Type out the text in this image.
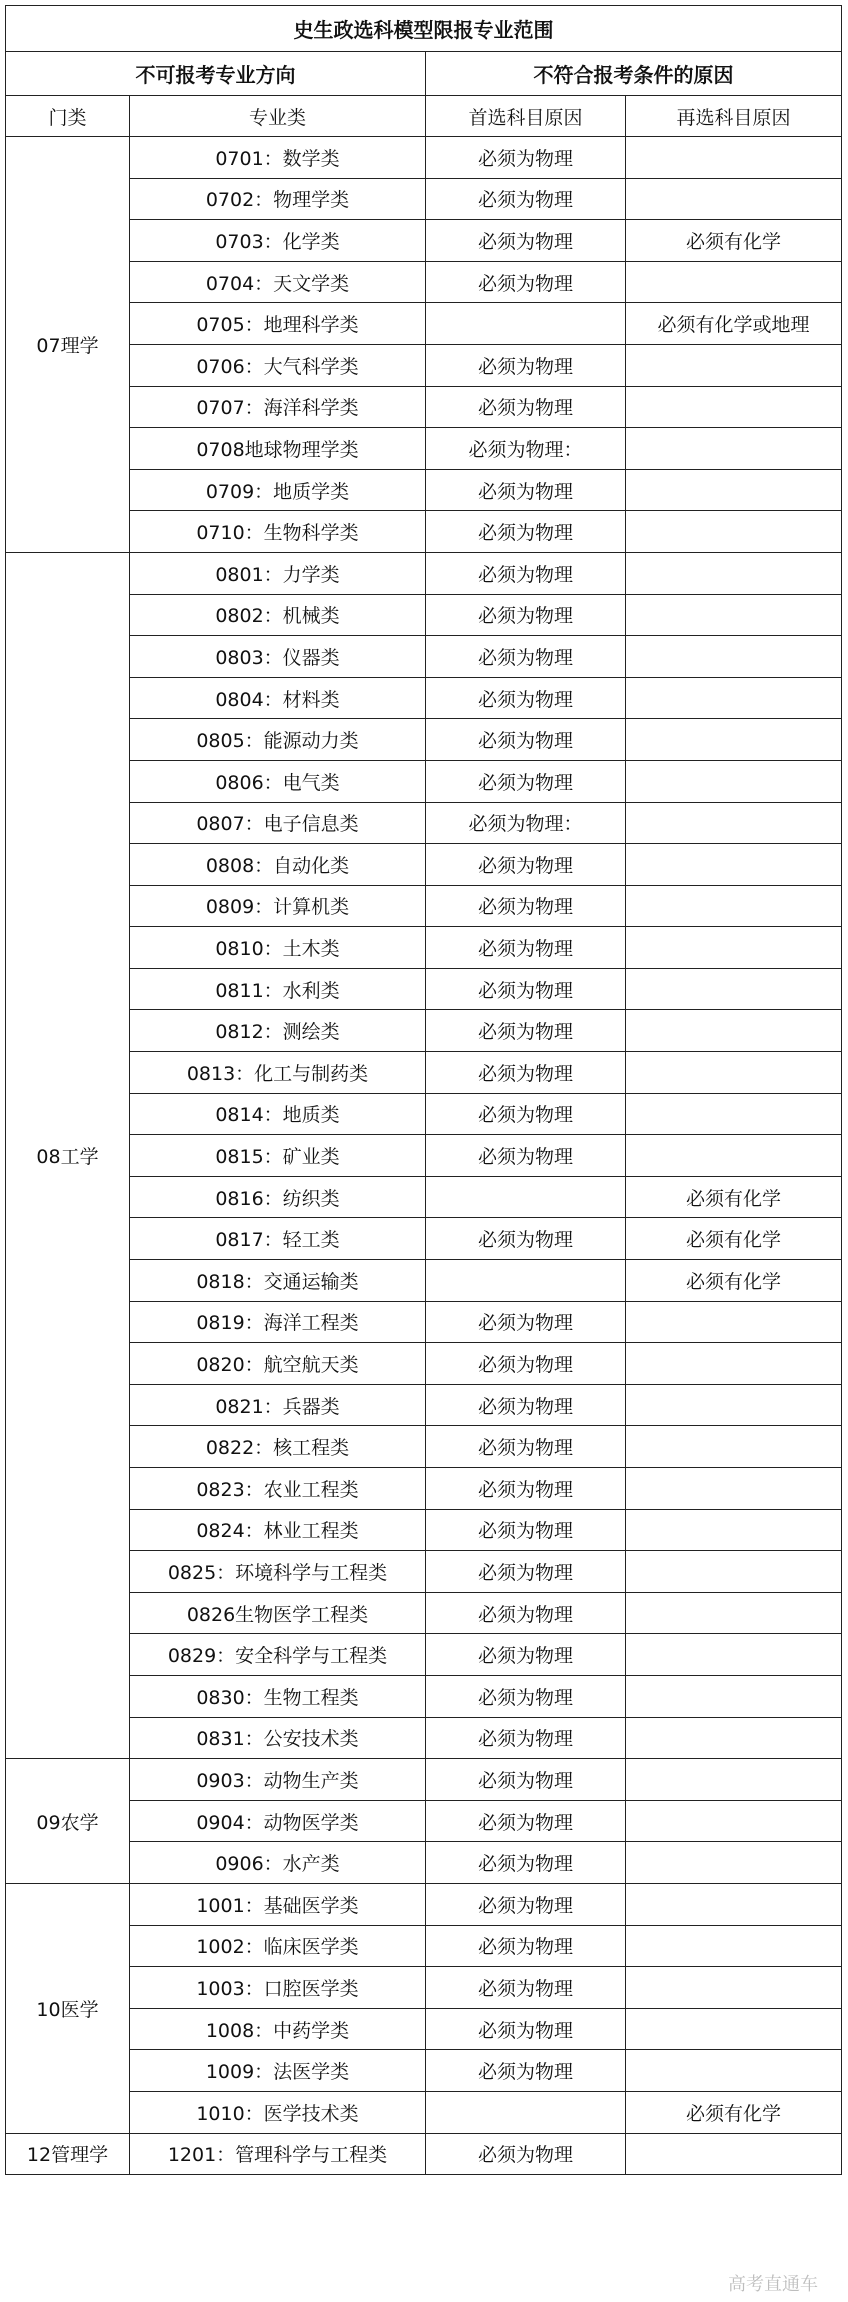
史生政选科模型限报专业范围			
不可报考专业方向		不符合报考条件的原因	
门类	专业类	首选科目原因	再选科目原因
07理学	0701：数学类	必须为物理	
	0702：物理学类	必须为物理	
	0703：化学类	必须为物理	必须有化学
	0704：天文学类	必须为物理	
	0705：地理科学类		必须有化学或地理
	0706：大气科学类	必须为物理	
	0707：海洋科学类	必须为物理	
	0708地球物理学类	必须为物理：	
	0709：地质学类	必须为物理	
	0710：生物科学类	必须为物理	
08工学	0801：力学类	必须为物理	
	0802：机械类	必须为物理	
	0803：仪器类	必须为物理	
	0804：材料类	必须为物理	
	0805：能源动力类	必须为物理	
	0806：电气类	必须为物理	
	0807：电子信息类	必须为物理：	
	0808：自动化类	必须为物理	
	0809：计算机类	必须为物理	
	0810：土木类	必须为物理	
	0811：水利类	必须为物理	
	0812：测绘类	必须为物理	
	0813：化工与制药类	必须为物理	
	0814：地质类	必须为物理	
	0815：矿业类	必须为物理	
	0816：纺织类		必须有化学
	0817：轻工类	必须为物理	必须有化学
	0818：交通运输类		必须有化学
	0819：海洋工程类	必须为物理	
	0820：航空航天类	必须为物理	
	0821：兵器类	必须为物理	
	0822：核工程类	必须为物理	
	0823：农业工程类	必须为物理	
	0824：林业工程类	必须为物理	
	0825：环境科学与工程类	必须为物理	
	0826生物医学工程类	必须为物理	
	0829：安全科学与工程类	必须为物理	
	0830：生物工程类	必须为物理	
	0831：公安技术类	必须为物理	
09农学	0903：动物生产类	必须为物理	
	0904：动物医学类	必须为物理	
	0906：水产类	必须为物理	
10医学	1001：基础医学类	必须为物理	
	1002：临床医学类	必须为物理	
	1003：口腔医学类	必须为物理	
	1008：中药学类	必须为物理	
	1009：法医学类	必须为物理	
	1010：医学技术类		必须有化学
12管理学	1201：管理科学与工程类	必须为物理	
高考直通车
